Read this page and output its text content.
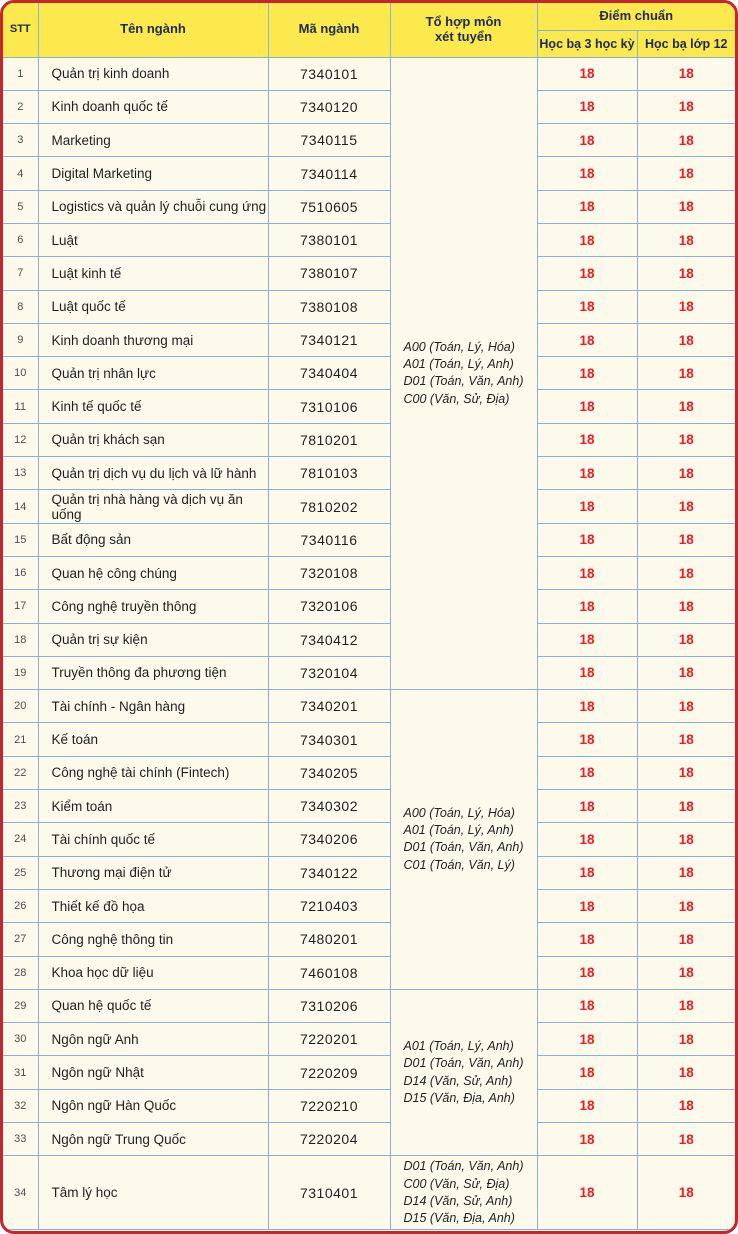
STT	Tên ngành	Mã ngành	Tổ hợp môn
xét tuyển	Điểm chuẩn	
				Học bạ 3 học kỳ	Học bạ lớp 12
1	Quản trị kinh doanh	7340101	A00 (Toán, Lý, Hóa)
A01 (Toán, Lý, Anh)
D01 (Toán, Văn, Anh)
C00 (Văn, Sử, Địa)	18	18
2	Kinh doanh quốc tế	7340120		18	18
3	Marketing	7340115		18	18
4	Digital Marketing	7340114		18	18
5	Logistics và quản lý chuỗi cung ứng	7510605		18	18
6	Luật	7380101		18	18
7	Luật kinh tế	7380107		18	18
8	Luật quốc tế	7380108		18	18
9	Kinh doanh thương mại	7340121		18	18
10	Quản trị nhân lực	7340404		18	18
11	Kinh tế quốc tế	7310106		18	18
12	Quản trị khách sạn	7810201		18	18
13	Quản trị dịch vụ du lịch và lữ hành	7810103		18	18
14	Quản trị nhà hàng và dịch vụ ăn uống	7810202		18	18
15	Bất động sản	7340116		18	18
16	Quan hệ công chúng	7320108		18	18
17	Công nghệ truyền thông	7320106		18	18
18	Quản trị sự kiện	7340412		18	18
19	Truyền thông đa phương tiện	7320104		18	18
20	Tài chính - Ngân hàng	7340201	A00 (Toán, Lý, Hóa)
A01 (Toán, Lý, Anh)
D01 (Toán, Văn, Anh)
C01 (Toán, Văn, Lý)	18	18
21	Kế toán	7340301		18	18
22	Công nghệ tài chính (Fintech)	7340205		18	18
23	Kiểm toán	7340302		18	18
24	Tài chính quốc tế	7340206		18	18
25	Thương mại điện tử	7340122		18	18
26	Thiết kế đồ họa	7210403		18	18
27	Công nghệ thông tin	7480201		18	18
28	Khoa học dữ liệu	7460108		18	18
29	Quan hệ quốc tế	7310206	A01 (Toán, Lý, Anh)
D01 (Toán, Văn, Anh)
D14 (Văn, Sử, Anh)
D15 (Văn, Địa, Anh)	18	18
30	Ngôn ngữ Anh	7220201		18	18
31	Ngôn ngữ Nhật	7220209		18	18
32	Ngôn ngữ Hàn Quốc	7220210		18	18
33	Ngôn ngữ Trung Quốc	7220204		18	18
34	Tâm lý học	7310401	D01 (Toán, Văn, Anh)
C00 (Văn, Sử, Địa)
D14 (Văn, Sử, Anh)
D15 (Văn, Địa, Anh)	18	18
